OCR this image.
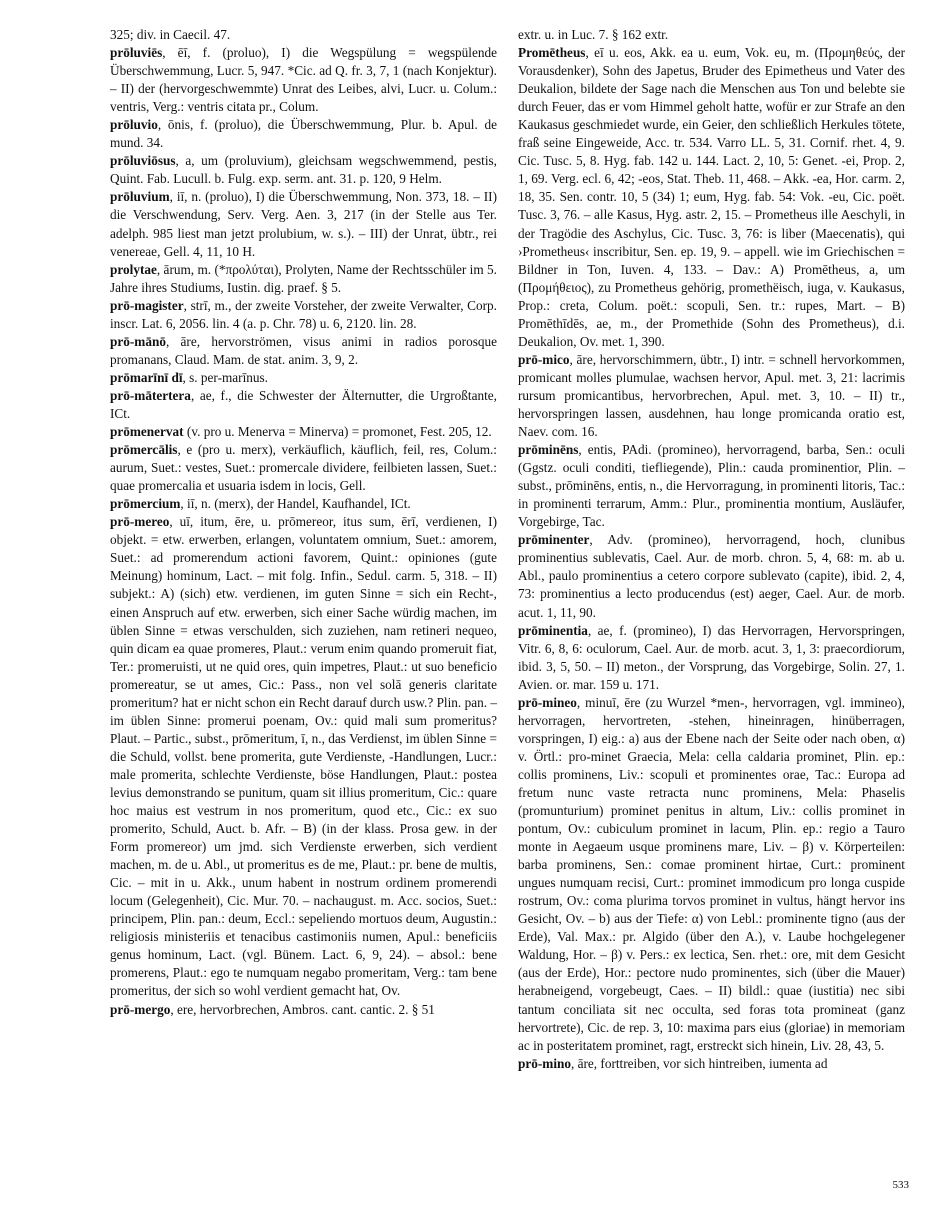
325; div. in Caecil. 47.

prōluviēs, ēī, f. (proluo), I) die Wegspülung = wegspülende Überschwemmung, Lucr. 5, 947. *Cic. ad Q. fr. 3, 7, 1 (nach Konjektur). – II) der (hervorgeschwemmte) Unrat des Leibes, alvi, Lucr. u. Colum.: ventris, Verg.: ventris citata pr., Colum.

prōluvio, ōnis, f. (proluo), die Überschwemmung, Plur. b. Apul. de mund. 34.

prōluviōsus, a, um (proluvium), gleichsam wegschwemmend, pestis, Quint. Fab. Lucull. b. Fulg. exp. serm. ant. 31. p. 120, 9 Helm.

prōluvium, iī, n. (proluo), I) die Überschwemmung, Non. 373, 18. – II) die Verschwendung, Serv. Verg. Aen. 3, 217 (in der Stelle aus Ter. adelph. 985 liest man jetzt prolubium, w. s.). – III) der Unrat, übtr., rei venereae, Gell. 4, 11, 10 H.

prolytae, ārum, m. (*προλύται), Prolyten, Name der Rechtsschüler im 5. Jahre ihres Studiums, Iustin. dig. praef. § 5.

prō-magister, strī, m., der zweite Vorsteher, der zweite Verwalter, Corp. inscr. Lat. 6, 2056. lin. 4 (a. p. Chr. 78) u. 6, 2120. lin. 28.

prō-mānō, āre, hervorströmen, visus animi in radios porosque promanans, Claud. Mam. de stat. anim. 3, 9, 2.

prōmarīnī dī, s. per-marīnus.

prō-mātertera, ae, f., die Schwester der Älternutter, die Urgroßtante, ICt.

prōmenervat (v. pro u. Menerva = Minerva) = promonet, Fest. 205, 12.

prōmercālis, e (pro u. merx), verkäuflich, käuflich, feil, res, Colum.: aurum, Suet.: vestes, Suet.: promercale dividere, feilbieten lassen, Suet.: quae promercalia et usuaria isdem in locis, Gell.

prōmercium, iī, n. (merx), der Handel, Kaufhandel, ICt.

prō-mereo, uī, itum, ēre, u. prōmereor, itus sum, ērī, verdienen, I) objekt. = etw. erwerben, erlangen, voluntatem omnium, Suet.: amorem, Suet.: ad promerendum actioni favorem, Quint.: opiniones (gute Meinung) hominum, Lact. – mit folg. Infin., Sedul. carm. 5, 318. – II) subjekt.: A) (sich) etw. verdienen, im guten Sinne = sich ein Recht-, einen Anspruch auf etw. erwerben, sich einer Sache würdig machen, im üblen Sinne = etwas verschulden, sich zuziehen, nam retineri nequeo, quin dicam ea quae promeres, Plaut.: verum enim quando promeruit fiat, Ter.: promeruisti, ut ne quid ores, quin impetres, Plaut.: ut suo beneficio promereatur, se ut ames, Cic.: Pass., non vel solā generis claritate promeritum? hat er nicht schon ein Recht darauf durch usw.? Plin. pan. – im üblen Sinne: promerui poenam, Ov.: quid mali sum promeritus? Plaut. – Partic., subst., prōmeritum, ī, n., das Verdienst, im üblen Sinne = die Schuld, vollst. bene promerita, gute Verdienste, -Handlungen, Lucr.: male promerita, schlechte Verdienste, böse Handlungen, Plaut.: postea levius demonstrando se punitum, quam sit illius promeritum, Cic.: quare hoc maius est vestrum in nos promeritum, quod etc., Cic.: ex suo promerito, Schuld, Auct. b. Afr. – B) (in der klass. Prosa gew. in der Form promereor) um jmd. sich Verdienste erwerben, sich verdient machen, m. de u. Abl., ut promeritus es de me, Plaut.: pr. bene de multis, Cic. – mit in u. Akk., unum habent in nostrum ordinem promerendi locum (Gelegenheit), Cic. Mur. 70. – nachaugust. m. Acc. socios, Suet.: principem, Plin. pan.: deum, Eccl.: sepeliendo mortuos deum, Augustin.: religiosis ministeriis et tenacibus castimoniis numen, Apul.: beneficiis genus hominum, Lact. (vgl. Bünem. Lact. 6, 9, 24). – absol.: bene promerens, Plaut.: ego te numquam negabo promeritam, Verg.: tam bene promeritus, der sich so wohl verdient gemacht hat, Ov.

prō-mergo, ere, hervorbrechen, Ambros. cant. cantic. 2. § 51

extr. u. in Luc. 7. § 162 extr.

Promētheus, eī u. eos, Akk. ea u. eum, Vok. eu, m. (Προμηθεύς, der Vorausdenker), Sohn des Japetus, Bruder des Epimetheus und Vater des Deukalion, bildete der Sage nach die Menschen aus Ton und belebte sie durch Feuer, das er vom Himmel geholt hatte, wofür er zur Strafe an den Kaukasus geschmiedet wurde, ein Geier, den schließlich Herkules tötete, fraß seine Eingeweide, Acc. tr. 534. Varro LL. 5, 31. Cornif. rhet. 4, 9. Cic. Tusc. 5, 8. Hyg. fab. 142 u. 144. Lact. 2, 10, 5: Genet. -ei, Prop. 2, 1, 69. Verg. ecl. 6, 42; -eos, Stat. Theb. 11, 468. – Akk. -ea, Hor. carm. 2, 18, 35. Sen. contr. 10, 5 (34) 1; eum, Hyg. fab. 54: Vok. -eu, Cic. poët. Tusc. 3, 76. – alle Kasus, Hyg. astr. 2, 15. – Prometheus ille Aeschyli, in der Tragödie des Aschylus, Cic. Tusc. 3, 76: is liber (Maecenatis), qui ›Prometheus‹ inscribitur, Sen. ep. 19, 9. – appell. wie im Griechischen = Bildner in Ton, Iuven. 4, 133. – Dav.: A) Promētheus, a, um (Προμήθειος), zu Prometheus gehörig, promethëisch, iuga, v. Kaukasus, Prop.: creta, Colum. poët.: scopuli, Sen. tr.: rupes, Mart. – B) Promēthīdēs, ae, m., der Promethide (Sohn des Prometheus), d.i. Deukalion, Ov. met. 1, 390.

prō-mico, āre, hervorschimmern, übtr., I) intr. = schnell hervorkommen, promicant molles plumulae, wachsen hervor, Apul. met. 3, 21: lacrimis rursum promicantibus, hervorbrechen, Apul. met. 3, 10. – II) tr., hervorspringen lassen, ausdehnen, hau longe promicanda oratio est, Naev. com. 16.

prōminēns, entis, PAdi. (promineo), hervorragend, barba, Sen.: oculi (Ggstz. oculi conditi, tiefliegende), Plin.: cauda prominentior, Plin. – subst., prōminēns, entis, n., die Hervorragung, in prominenti litoris, Tac.: in prominenti terrarum, Amm.: Plur., prominentia montium, Ausläufer, Vorgebirge, Tac.

prōminenter, Adv. (promineo), hervorragend, hoch, clunibus prominentius sublevatis, Cael. Aur. de morb. chron. 5, 4, 68: m. ab u. Abl., paulo prominentius a cetero corpore sublevato (capite), ibid. 2, 4, 73: prominentius a lecto producendus (est) aeger, Cael. Aur. de morb. acut. 1, 11, 90.

prōminentia, ae, f. (promineo), I) das Hervorragen, Hervorspringen, Vitr. 6, 8, 6: oculorum, Cael. Aur. de morb. acut. 3, 1, 3: praecordiorum, ibid. 3, 5, 50. – II) meton., der Vorsprung, das Vorgebirge, Solin. 27, 1. Avien. or. mar. 159 u. 171.

prō-mineo, minuī, ēre (zu Wurzel *men-, hervorragen, vgl. immineo), hervorragen, hervortreten, -stehen, hineinragen, hinüberragen, vorspringen, I) eig.: a) aus der Ebene nach der Seite oder nach oben, α) v. Örtl.: pro-minet Graecia, Mela: cella caldaria prominet, Plin. ep.: collis prominens, Liv.: scopuli et prominentes orae, Tac.: Europa ad fretum nunc vaste retracta nunc prominens, Mela: Phaselis (promunturium) prominet penitus in altum, Liv.: collis prominet in pontum, Ov.: cubiculum prominet in lacum, Plin. ep.: regio a Tauro monte in Aegaeum usque prominens mare, Liv. – β) v. Körperteilen: barba prominens, Sen.: comae prominent hirtae, Curt.: prominent ungues numquam recisi, Curt.: prominet immodicum pro longa cuspide rostrum, Ov.: coma plurima torvos prominet in vultus, hängt hervor ins Gesicht, Ov. – b) aus der Tiefe: α) von Lebl.: prominente tigno (aus der Erde), Val. Max.: pr. Algido (über den A.), v. Laube hochgelegener Waldung, Hor. – β) v. Pers.: ex lectica, Sen. rhet.: ore, mit dem Gesicht (aus der Erde), Hor.: pectore nudo prominentes, sich (über die Mauer) herabneigend, vorgebeugt, Caes. – II) bildl.: quae (iustitia) nec sibi tantum conciliata sit nec occulta, sed foras tota promineat (ganz hervortrete), Cic. de rep. 3, 10: maxima pars eius (gloriae) in memoriam ac in posteritatem prominet, ragt, erstreckt sich hinein, Liv. 28, 43, 5.

prō-mino, āre, forttreiben, vor sich hintreiben, iumenta ad

533
